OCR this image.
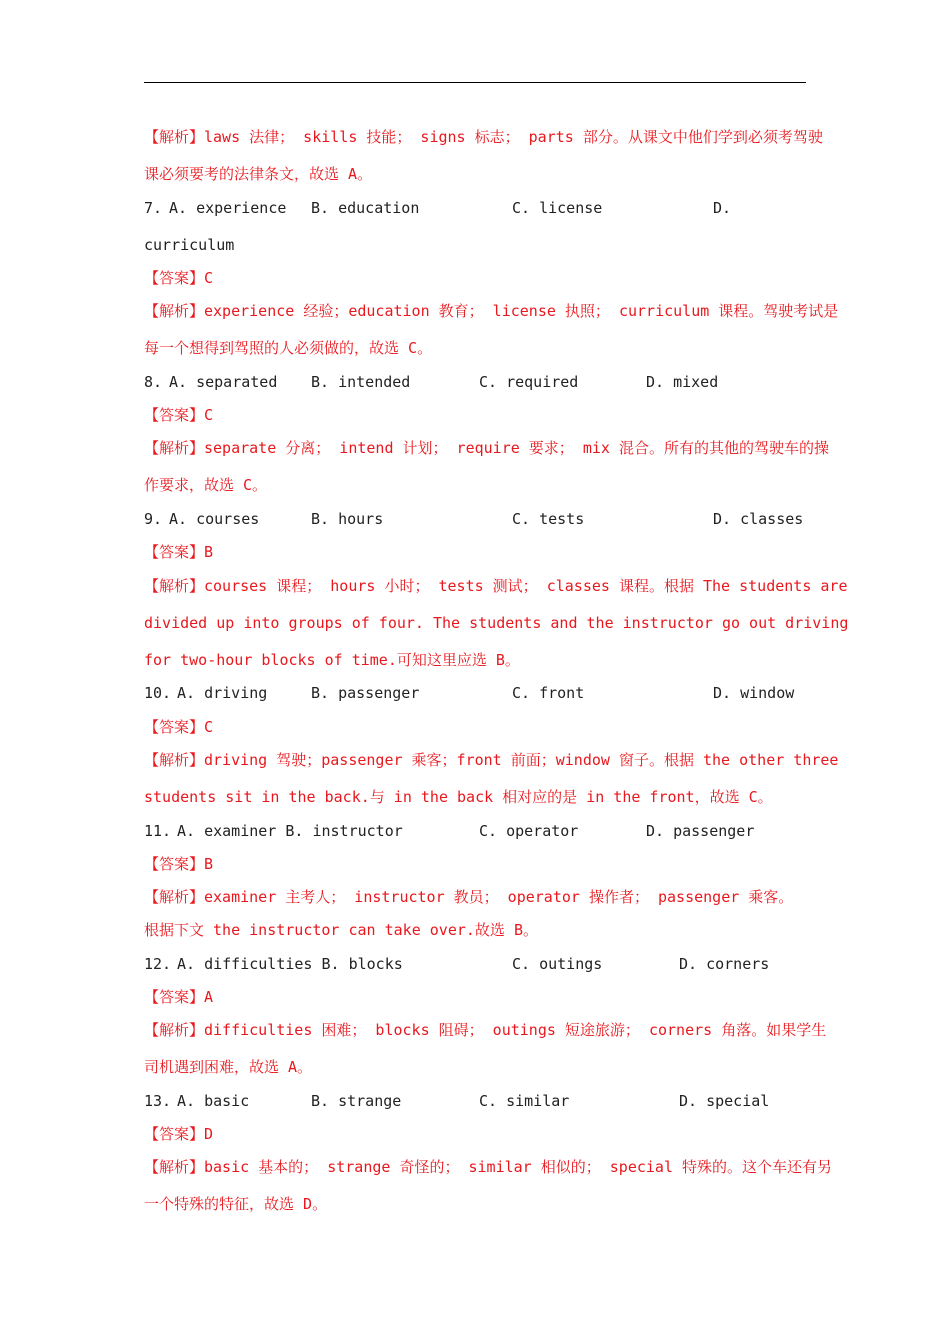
【解析】laws 法律； skills 技能； signs 标志； parts 部分。从课文中他们学到必须考驾驶
课必须要考的法律条文，故选 A。
7. A. experience B. education	C. license	D.
curriculum
【答案】C
【解析】experience 经验；education 教育； license 执照； curriculum 课程。驾驶考试是
每一个想得到驾照的人必须做的，故选 C。
8. A. separated B. intended	C. required	D. mixed
【答案】C
【解析】separate 分离； intend 计划； require 要求； mix 混合。所有的其他的驾驶车的操
作要求，故选 C。
9. A. courses	B. hours	C. tests	D. classes
【答案】B
【解析】courses 课程； hours 小时； tests 测试； classes 课程。根据 The students are
divided up into groups of four. The students and the instructor go out driving
for two-hour blocks of time.可知这里应选 B。
10. A. driving	B. passenger	C. front	D. window
【答案】C
【解析】driving 驾驶；passenger 乘客；front 前面；window 窗子。根据 the other three
students sit in the back.与 in the back 相对应的是 in the front，故选 C。
11. A. examiner B. instructor	C. operator	D. passenger
【答案】B
【解析】examiner 主考人； instructor 教员； operator 操作者； passenger 乘客。
根据下文 the instructor can take over.故选 B。
12. A. difficulties B. blocks	C. outings	D. corners
【答案】A
【解析】difficulties 困难； blocks 阻碍； outings 短途旅游； corners 角落。如果学生
司机遇到困难，故选 A。
13. A. basic	B. strange	C. similar	D. special
【答案】D
【解析】basic 基本的； strange 奇怪的； similar 相似的； special 特殊的。这个车还有另
一个特殊的特征，故选 D。
